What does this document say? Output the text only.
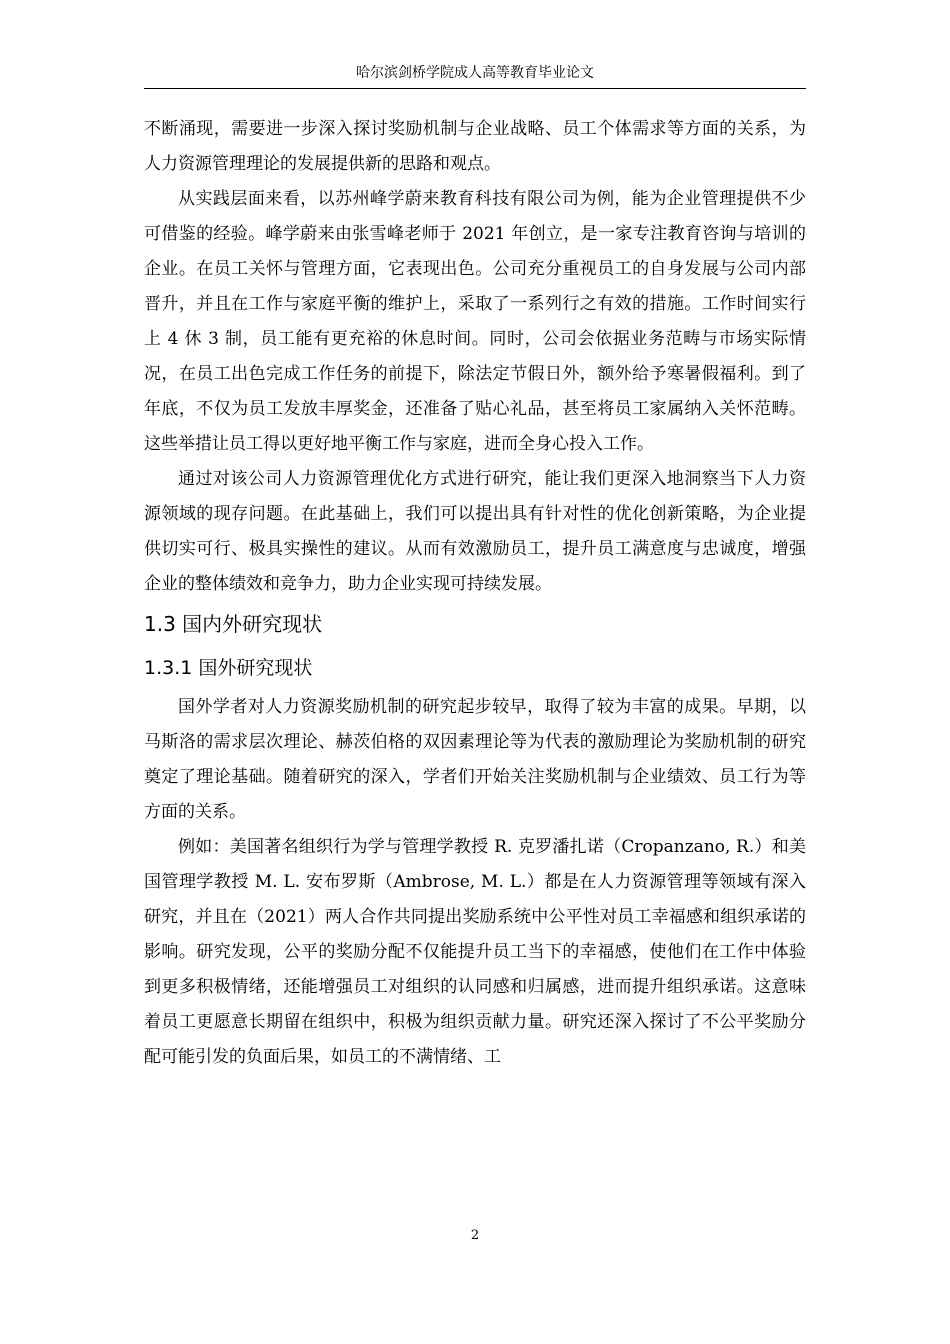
哈尔滨剑桥学院成人高等教育毕业论文

不断涌现，需要进一步深入探讨奖励机制与企业战略、员工个体需求等方面的关系，为人力资源管理理论的发展提供新的思路和观点。

从实践层面来看，以苏州峰学蔚来教育科技有限公司为例，能为企业管理提供不少可借鉴的经验。峰学蔚来由张雪峰老师于 2021 年创立，是一家专注教育咨询与培训的企业。在员工关怀与管理方面，它表现出色。公司充分重视员工的自身发展与公司内部晋升，并且在工作与家庭平衡的维护上，采取了一系列行之有效的措施。工作时间实行上 4 休 3 制，员工能有更充裕的休息时间。同时，公司会依据业务范畴与市场实际情况，在员工出色完成工作任务的前提下，除法定节假日外，额外给予寒暑假福利。到了年底，不仅为员工发放丰厚奖金，还准备了贴心礼品，甚至将员工家属纳入关怀范畴。这些举措让员工得以更好地平衡工作与家庭，进而全身心投入工作。

通过对该公司人力资源管理优化方式进行研究，能让我们更深入地洞察当下人力资源领域的现存问题。在此基础上，我们可以提出具有针对性的优化创新策略，为企业提供切实可行、极具实操性的建议。从而有效激励员工，提升员工满意度与忠诚度，增强企业的整体绩效和竞争力，助力企业实现可持续发展。

1.3 国内外研究现状
1.3.1 国外研究现状

国外学者对人力资源奖励机制的研究起步较早，取得了较为丰富的成果。早期，以马斯洛的需求层次理论、赫茨伯格的双因素理论等为代表的激励理论为奖励机制的研究奠定了理论基础。随着研究的深入，学者们开始关注奖励机制与企业绩效、员工行为等方面的关系。

例如：美国著名组织行为学与管理学教授 R. 克罗潘扎诺（Cropanzano, R.）和美国管理学教授 M. L. 安布罗斯（Ambrose, M. L.）都是在人力资源管理等领域有深入研究，并且在（2021）两人合作共同提出奖励系统中公平性对员工幸福感和组织承诺的影响。研究发现，公平的奖励分配不仅能提升员工当下的幸福感，使他们在工作中体验到更多积极情绪，还能增强员工对组织的认同感和归属感，进而提升组织承诺。这意味着员工更愿意长期留在组织中，积极为组织贡献力量。研究还深入探讨了不公平奖励分配可能引发的负面后果，如员工的不满情绪、工

2
